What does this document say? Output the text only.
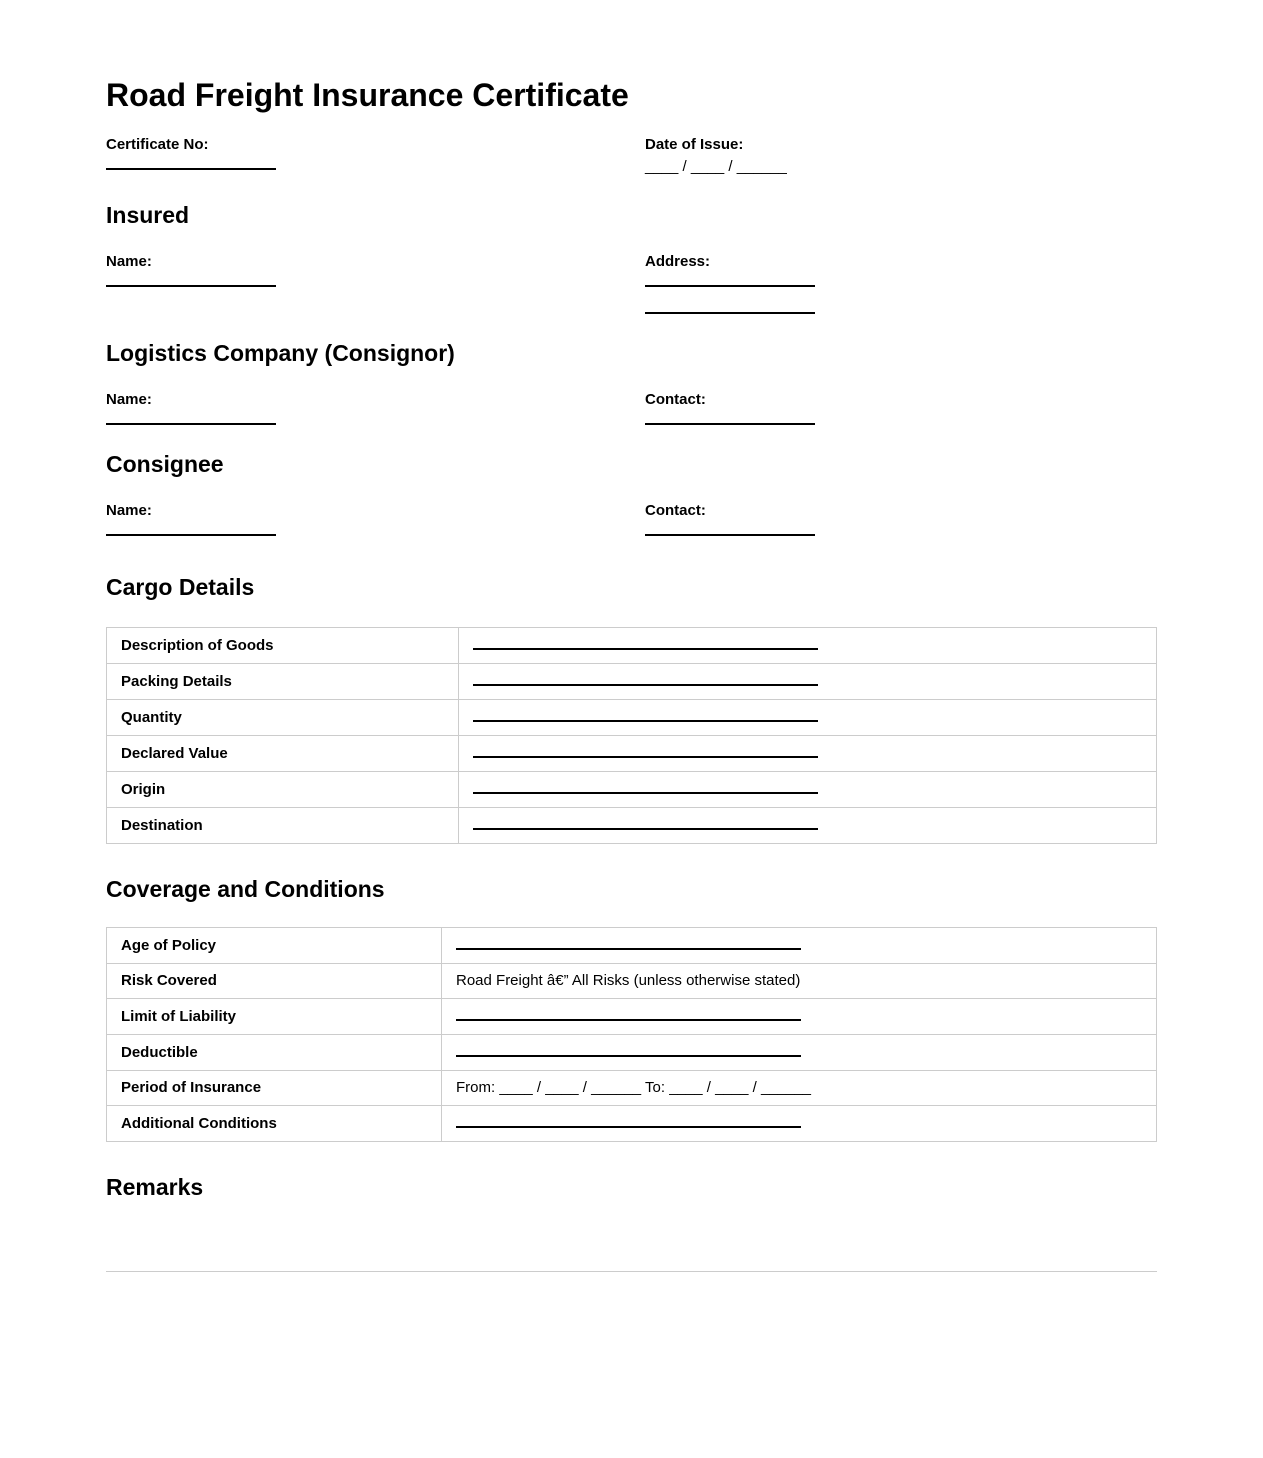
Road Freight Insurance Certificate
Certificate No:	Date of Issue:
____ / ____ / ______
Insured
Name:	Address:
Logistics Company (Consignor)
Name:	Contact:
Consignee
Name:	Contact:
Cargo Details
Description of Goods	
Packing Details	
Quantity	
Declared Value	
Origin	
Destination	
Coverage and Conditions
Age of Policy	
Risk Covered	Road Freight â€” All Risks (unless otherwise stated)
Limit of Liability	
Deductible	
Period of Insurance	From: ____ / ____ / ______ To: ____ / ____ / ______
Additional Conditions	
Remarks
